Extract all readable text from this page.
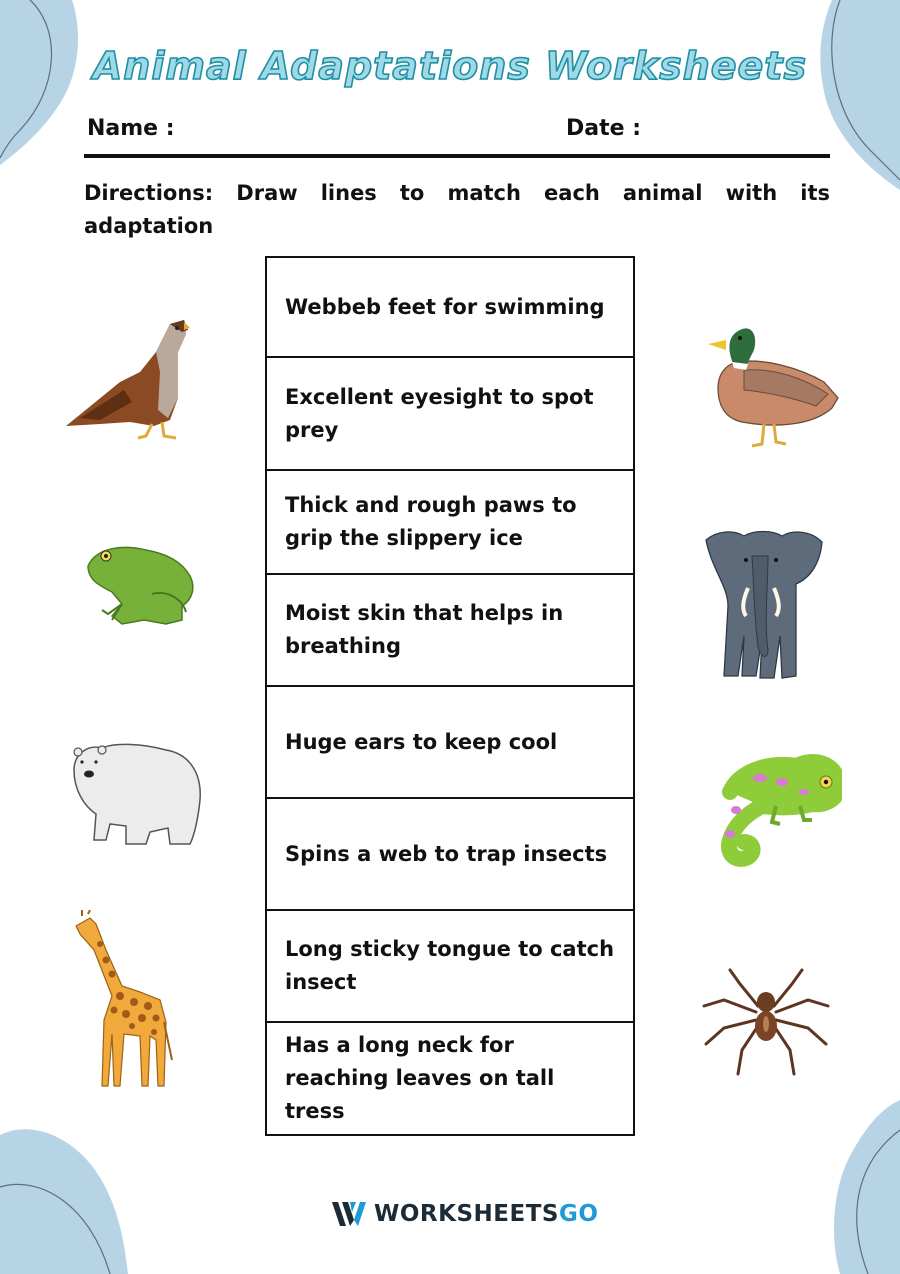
Animal Adaptations Worksheets
Name :	Date :
Directions: Draw lines to match each animal with its adaptation
Webbeb feet for swimming
Excellent eyesight to spot prey
Thick and rough paws to grip the slippery ice
Moist skin that helps in breathing
Huge ears to keep cool
Spins a web to trap insects
Long sticky tongue to catch insect
Has a long neck for reaching leaves on tall tress
WORKSHEETSGO
